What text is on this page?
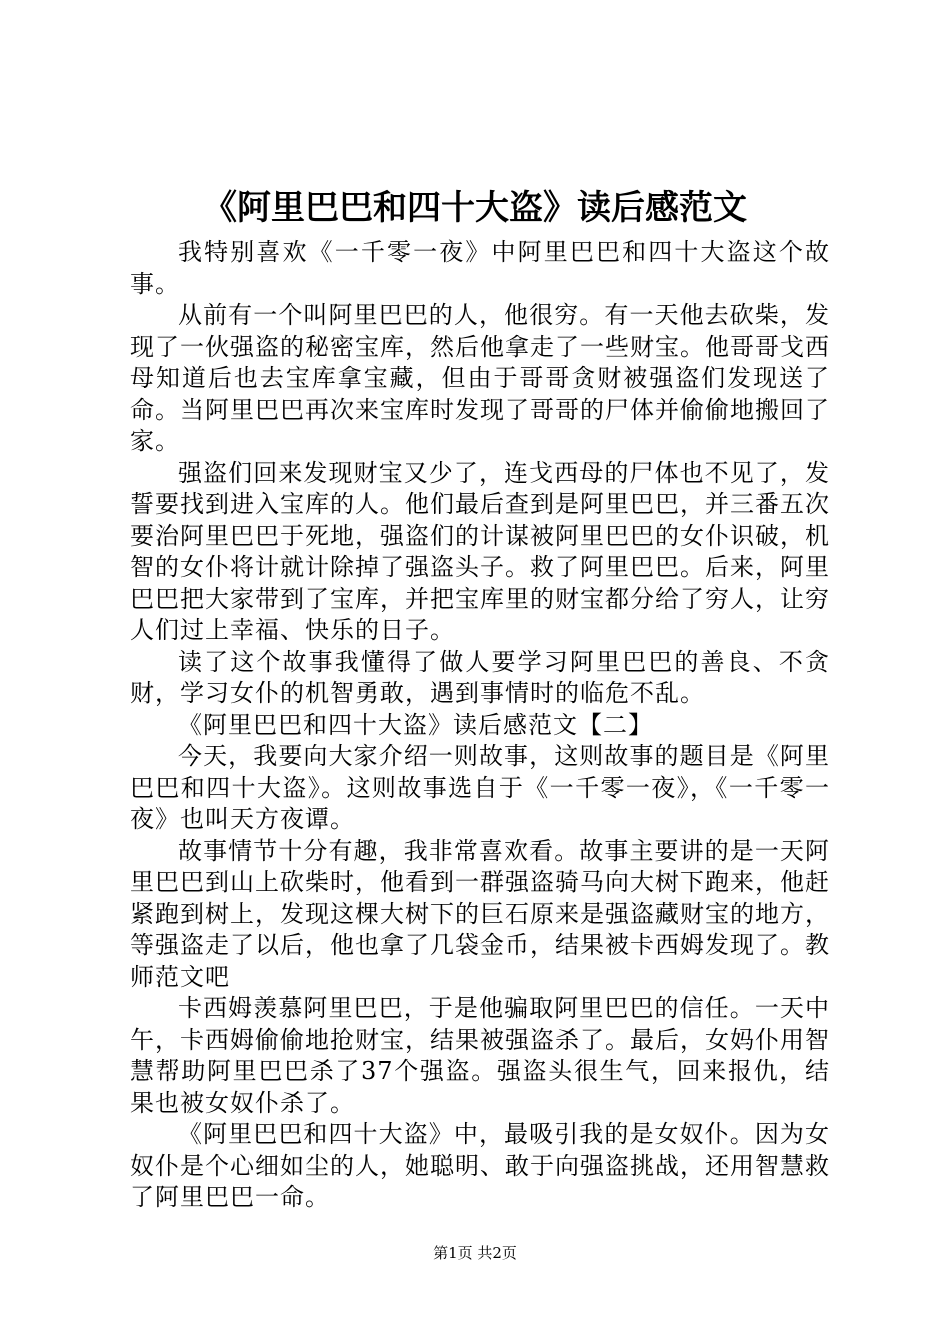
《阿里巴巴和四十大盗》读后感范文

我特别喜欢《一千零一夜》中阿里巴巴和四十大盗这个故事。

从前有一个叫阿里巴巴的人，他很穷。有一天他去砍柴，发现了一伙强盗的秘密宝库，然后他拿走了一些财宝。他哥哥戈西母知道后也去宝库拿宝藏，但由于哥哥贪财被强盗们发现送了命。当阿里巴巴再次来宝库时发现了哥哥的尸体并偷偷地搬回了家。

强盗们回来发现财宝又少了，连戈西母的尸体也不见了，发誓要找到进入宝库的人。他们最后查到是阿里巴巴，并三番五次要治阿里巴巴于死地，强盗们的计谋被阿里巴巴的女仆识破，机智的女仆将计就计除掉了强盗头子。救了阿里巴巴。后来，阿里巴巴把大家带到了宝库，并把宝库里的财宝都分给了穷人，让穷人们过上幸福、快乐的日子。

读了这个故事我懂得了做人要学习阿里巴巴的善良、不贪财，学习女仆的机智勇敢，遇到事情时的临危不乱。

《阿里巴巴和四十大盗》读后感范文【二】

今天，我要向大家介绍一则故事，这则故事的题目是《阿里巴巴和四十大盗》。这则故事选自于《一千零一夜》，《一千零一夜》也叫天方夜谭。

故事情节十分有趣，我非常喜欢看。故事主要讲的是一天阿里巴巴到山上砍柴时，他看到一群强盗骑马向大树下跑来，他赶紧跑到树上，发现这棵大树下的巨石原来是强盗藏财宝的地方，等强盗走了以后，他也拿了几袋金币，结果被卡西姆发现了。教师范文吧

卡西姆羡慕阿里巴巴，于是他骗取阿里巴巴的信任。一天中午，卡西姆偷偷地抢财宝，结果被强盗杀了。最后，女妈仆用智慧帮助阿里巴巴杀了37个强盗。强盗头很生气，回来报仇，结果也被女奴仆杀了。

《阿里巴巴和四十大盗》中，最吸引我的是女奴仆。因为女奴仆是个心细如尘的人，她聪明、敢于向强盗挑战，还用智慧救了阿里巴巴一命。

第1页 共2页
